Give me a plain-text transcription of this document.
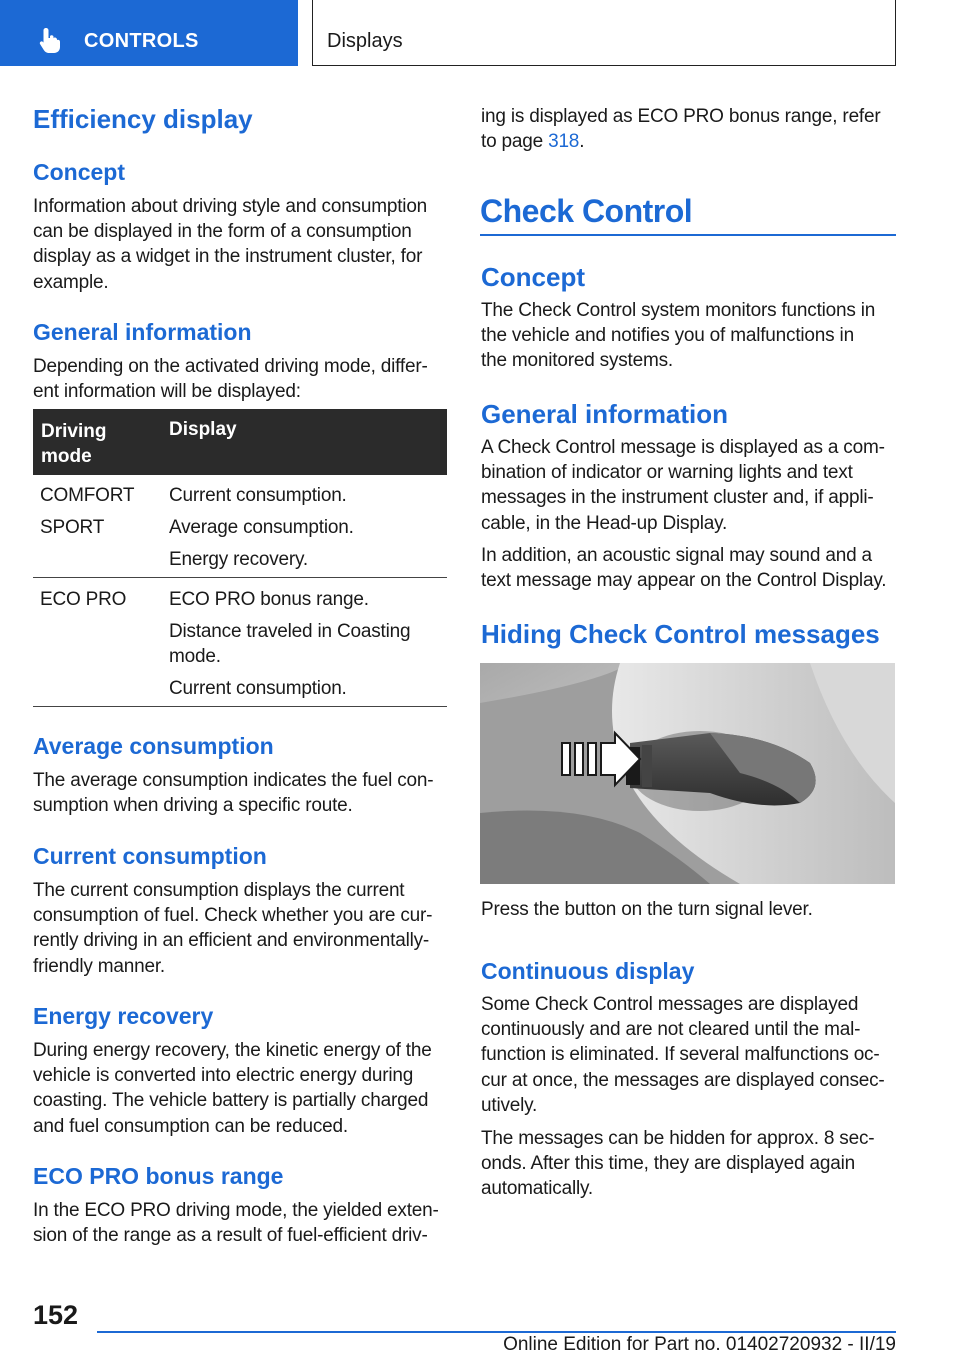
CONTROLS	Displays
Efficiency display
Concept
Information about driving style and consumption
can be displayed in the form of a consumption
display as a widget in the instrument cluster, for
example.
General information
Depending on the activated driving mode, differ‐
ent information will be displayed:
Driving mode
Display
COMFORT
SPORT
Current consumption.
Average consumption.
Energy recovery.
ECO PRO ECO PRO bonus range.
Distance traveled in Coasting
mode.
Current consumption.
Average consumption
The average consumption indicates the fuel con‐
sumption when driving a specific route.
Current consumption
The current consumption displays the current
consumption of fuel. Check whether you are cur‐
rently driving in an efficient and environmentally-
friendly manner.
Energy recovery
During energy recovery, the kinetic energy of the
vehicle is converted into electric energy during
coasting. The vehicle battery is partially charged
and fuel consumption can be reduced.
ECO PRO bonus range
In the ECO PRO driving mode, the yielded exten‐
sion of the range as a result of fuel-efficient driv‐
ing is displayed as ECO PRO bonus range, refer
to page 318.
Check Control
Concept
The Check Control system monitors functions in
the vehicle and notifies you of malfunctions in
the monitored systems.
General information
A Check Control message is displayed as a com‐
bination of indicator or warning lights and text
messages in the instrument cluster and, if appli‐
cable, in the Head-up Display.
In addition, an acoustic signal may sound and a
text message may appear on the Control Display.
Hiding Check Control messages
Press the button on the turn signal lever.
Continuous display
Some Check Control messages are displayed
continuously and are not cleared until the mal‐
function is eliminated. If several malfunctions oc‐
cur at once, the messages are displayed consec‐
utively.
The messages can be hidden for approx. 8 sec‐
onds. After this time, they are displayed again
automatically.
152
Online Edition for Part no. 01402720932 - II/19
